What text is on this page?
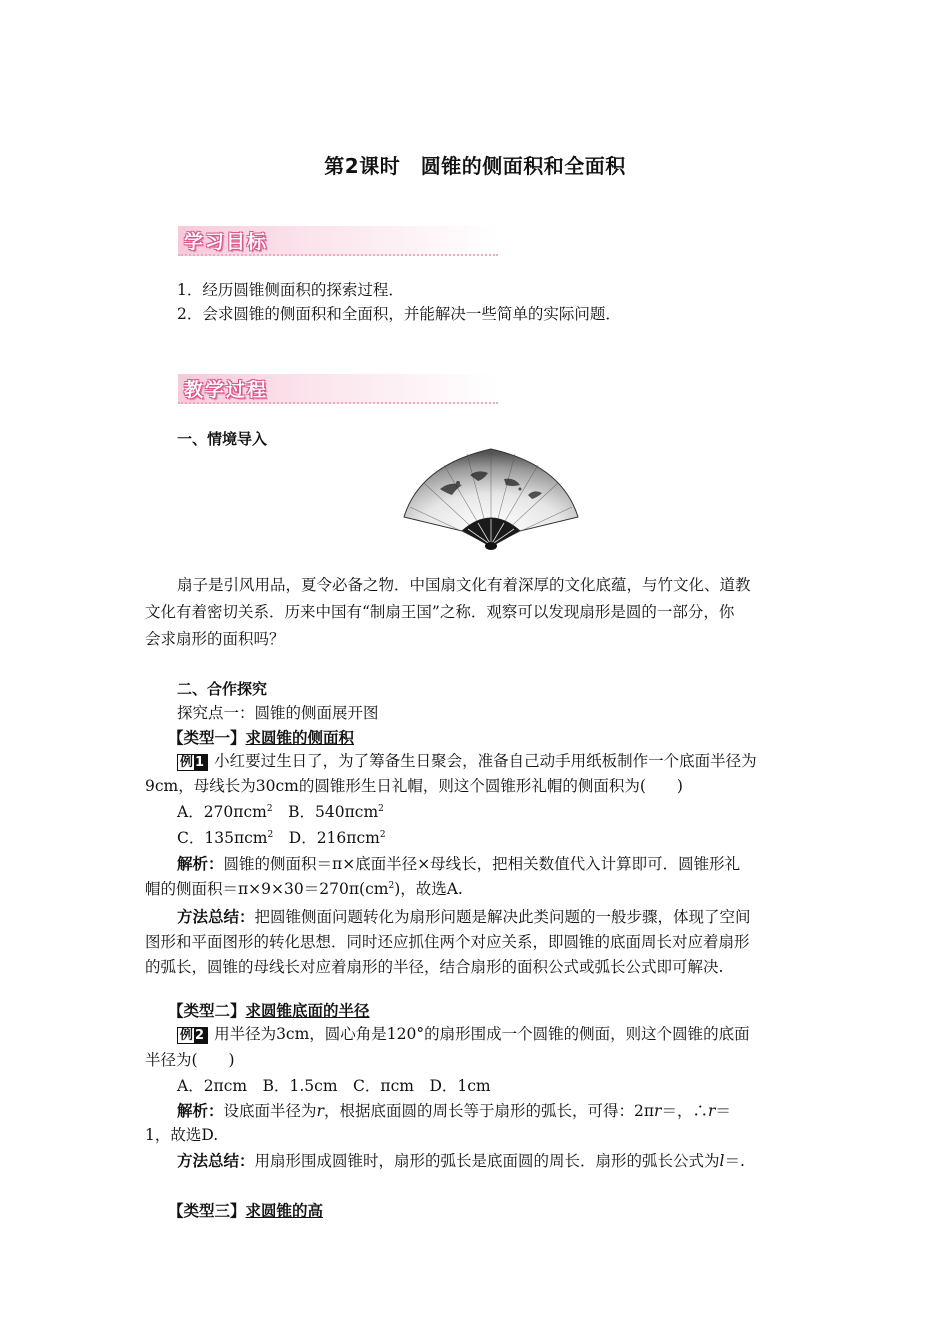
第2课时　圆锥的侧面积和全面积
学习目标
1．经历圆锥侧面积的探索过程．
2．会求圆锥的侧面积和全面积，并能解决一些简单的实际问题．
教学过程
一、情境导入
扇子是引风用品，夏令必备之物．中国扇文化有着深厚的文化底蕴，与竹文化、道教
文化有着密切关系．历来中国有“制扇王国”之称．观察可以发现扇形是圆的一部分，你
会求扇形的面积吗？
二、合作探究
探究点一：圆锥的侧面展开图
【类型一】求圆锥的侧面积
例 1 小红要过生日了，为了筹备生日聚会，准备自己动手用纸板制作一个底面半径为
9cm，母线长为30cm的圆锥形生日礼帽，则这个圆锥形礼帽的侧面积为(　　)
A．270πcm$^2$　 B．540πcm$^2$
C．135πcm$^2$　 D．216πcm$^2$
解析：圆锥的侧面积＝π×底面半径×母线长，把相关数值代入计算即可．圆锥形礼
帽的侧面积$=\pi\times 9\times 30=270\pi(cm^2)$，故选A.
方法总结：把圆锥侧面问题转化为扇形问题是解决此类问题的一般步骤，体现了空间
图形和平面图形的转化思想．同时还应抓住两个对应关系，即圆锥的底面周长对应着扇形
的弧长，圆锥的母线长对应着扇形的半径，结合扇形的面积公式或弧长公式即可解决.
【类型二】求圆锥底面的半径
例 2 用半径为3cm，圆心角是120°的扇形围成一个圆锥的侧面，则这个圆锥的底面
半径为(　　)
A．2πcm　B．1.5cm　C．πcm　D．1cm
解析：设底面半径为r，根据底面圆的周长等于扇形的弧长，可得：2πr＝，∴r＝
1，故选D.
方法总结：用扇形围成圆锥时，扇形的弧长是底面圆的周长．扇形的弧长公式为l＝.
【类型三】求圆锥的高
